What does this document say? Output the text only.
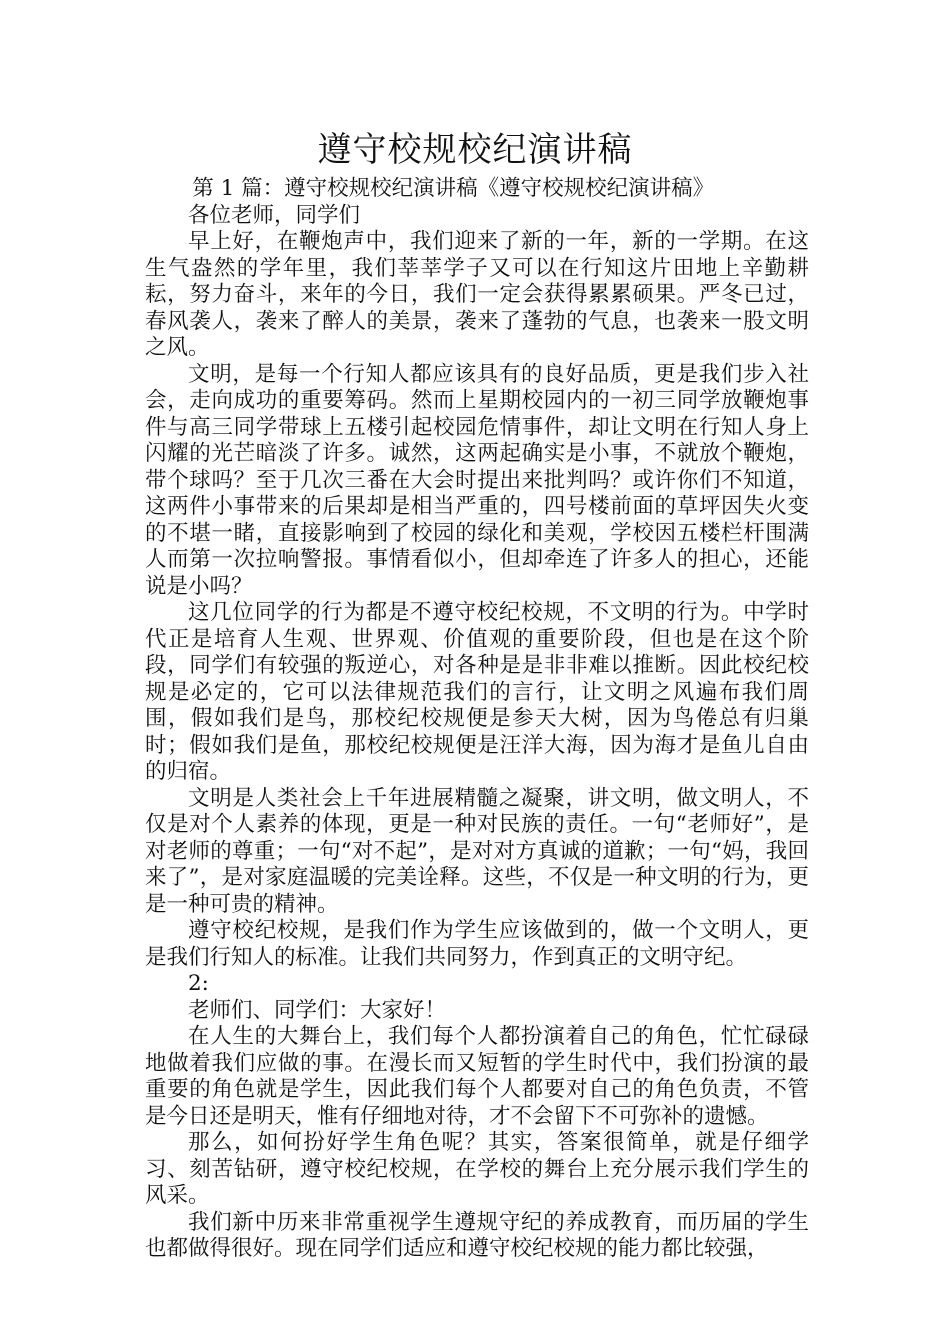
遵守校规校纪演讲稿

第 1 篇：遵守校规校纪演讲稿《遵守校规校纪演讲稿》

各位老师，同学们

早上好，在鞭炮声中，我们迎来了新的一年，新的一学期。在这生气盎然的学年里，我们莘莘学子又可以在行知这片田地上辛勤耕耘，努力奋斗，来年的今日，我们一定会获得累累硕果。严冬已过，春风袭人，袭来了醉人的美景，袭来了蓬勃的气息，也袭来一股文明之风。

文明，是每一个行知人都应该具有的良好品质，更是我们步入社会，走向成功的重要筹码。然而上星期校园内的一初三同学放鞭炮事件与高三同学带球上五楼引起校园危情事件，却让文明在行知人身上闪耀的光芒暗淡了许多。诚然，这两起确实是小事，不就放个鞭炮，带个球吗？至于几次三番在大会时提出来批判吗？或许你们不知道，这两件小事带来的后果却是相当严重的，四号楼前面的草坪因失火变的不堪一睹，直接影响到了校园的绿化和美观，学校因五楼栏杆围满人而第一次拉响警报。事情看似小，但却牵连了许多人的担心，还能说是小吗？

这几位同学的行为都是不遵守校纪校规，不文明的行为。中学时代正是培育人生观、世界观、价值观的重要阶段，但也是在这个阶段，同学们有较强的叛逆心，对各种是是非非难以推断。因此校纪校规是必定的，它可以法律规范我们的言行，让文明之风遍布我们周围，假如我们是鸟，那校纪校规便是参天大树，因为鸟倦总有归巢时；假如我们是鱼，那校纪校规便是汪洋大海，因为海才是鱼儿自由的归宿。

文明是人类社会上千年进展精髓之凝聚，讲文明，做文明人，不仅是对个人素养的体现，更是一种对民族的责任。一句“老师好”，是对老师的尊重；一句“对不起”，是对对方真诚的道歉；一句“妈，我回来了”，是对家庭温暖的完美诠释。这些，不仅是一种文明的行为，更是一种可贵的精神。

遵守校纪校规，是我们作为学生应该做到的，做一个文明人，更是我们行知人的标准。让我们共同努力，作到真正的文明守纪。

2:

老师们、同学们：大家好！

在人生的大舞台上，我们每个人都扮演着自己的角色，忙忙碌碌地做着我们应做的事。在漫长而又短暂的学生时代中，我们扮演的最重要的角色就是学生，因此我们每个人都要对自己的角色负责，不管是今日还是明天，惟有仔细地对待，才不会留下不可弥补的遗憾。

那么，如何扮好学生角色呢？其实，答案很简单，就是仔细学习、刻苦钻研，遵守校纪校规，在学校的舞台上充分展示我们学生的风采。

我们新中历来非常重视学生遵规守纪的养成教育，而历届的学生也都做得很好。现在同学们适应和遵守校纪校规的能力都比较强，
